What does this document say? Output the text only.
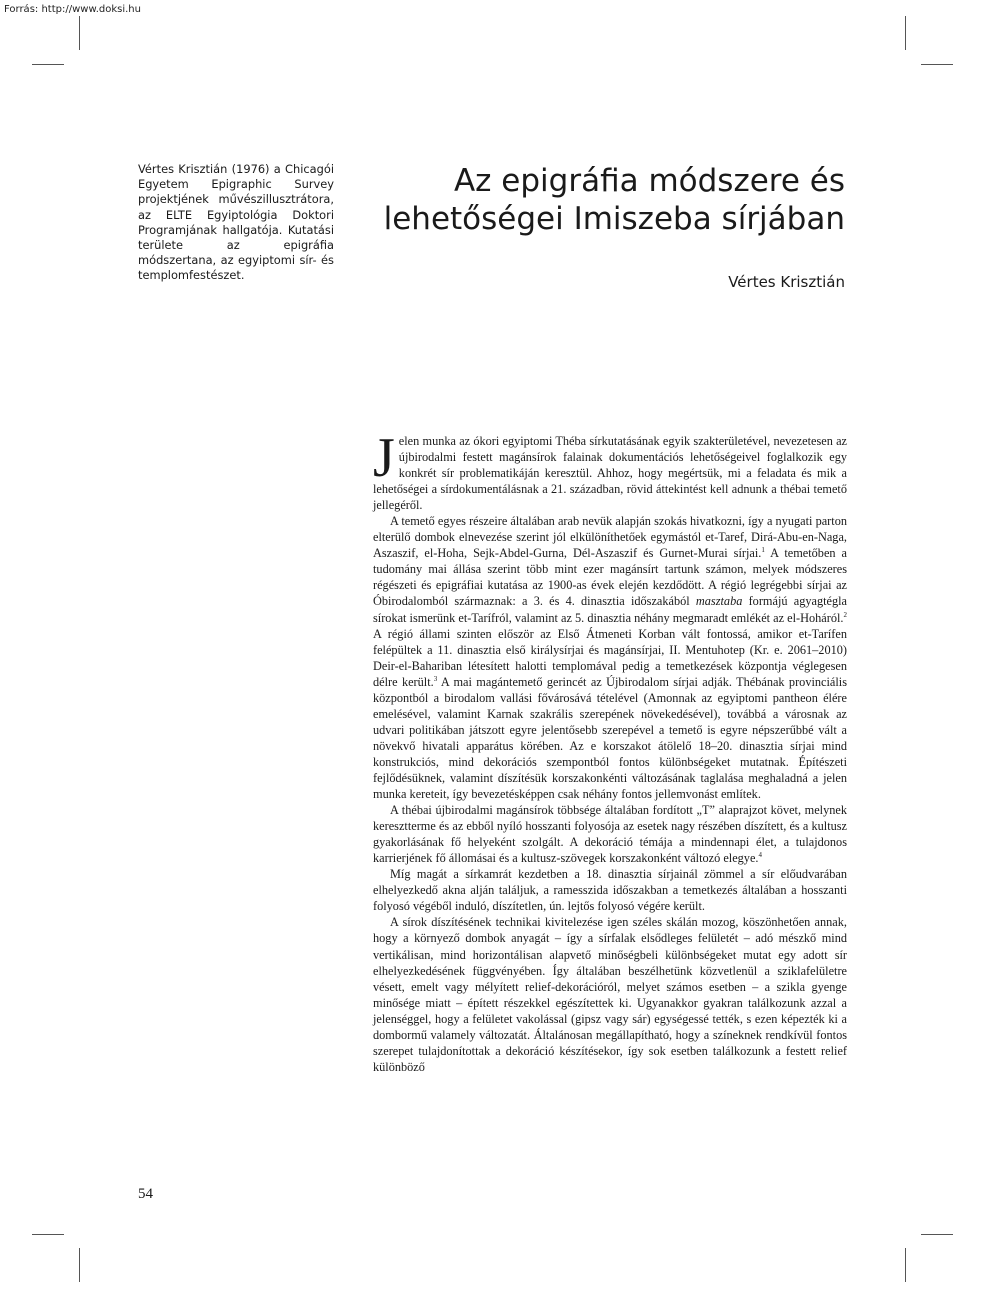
Forrás: http://www.doksi.hu

Vértes Krisztián (1976) a Chicagói Egyetem Epigraphic Survey projektjének művészillusztrátora, az ELTE Egyiptológia Doktori Programjának hallgatója. Kutatási területe az epigráfia módszertana, az egyiptomi sír- és templomfestészet.

Az epigráfia módszere és
lehetőségei Imiszeba sírjában
Vértes Krisztián

Jelen munka az ókori egyiptomi Théba sírkutatásának egyik szakterületével, nevezetesen az újbirodalmi festett magánsírok falainak dokumentációs lehetőségeivel foglalkozik egy konkrét sír problematikáján keresztül. Ahhoz, hogy megértsük, mi a feladata és mik a lehetőségei a sírdokumentálásnak a 21. században, rövid áttekintést kell adnunk a thébai temető jellegéről.

A temető egyes részeire általában arab nevük alapján szokás hivatkozni, így a nyugati parton elterülő dombok elnevezése szerint jól elkülöníthetőek egymástól et-Taref, Dirá-Abu-en-Naga, Aszaszif, el-Hoha, Sejk-Abdel-Gurna, Dél-Aszaszif és Gurnet-Murai sírjai.$^1$ A temetőben a tudomány mai állása szerint több mint ezer magánsírt tartunk számon, melyek módszeres régészeti és epigráfiai kutatása az 1900-as évek elején kezdődött. A régió legrégebbi sírjai az Óbirodalomból származnak: a 3. és 4. dinasztia időszakából masztaba formájú agyagtégla sírokat ismerünk et-Tarífról, valamint az 5. dinasztia néhány megmaradt emlékét az el-Hoháról.$^2$ A régió állami szinten először az Első Átmeneti Korban vált fontossá, amikor et-Tarífen felépültek a 11. dinasztia első királysírjai és magánsírjai, II. Mentuhotep (Kr. e. 2061–2010) Deir-el-Bahariban létesített halotti templomával pedig a temetkezések központja véglegesen délre került.$^3$ A mai magántemető gerincét az Újbirodalom sírjai adják. Thébának provinciális központból a birodalom vallási fővárosává tételével (Amonnak az egyiptomi pantheon élére emelésével, valamint Karnak szakrális szerepének növekedésével), továbbá a városnak az udvari politikában játszott egyre jelentősebb szerepével a temető is egyre népszerűbbé vált a növekvő hivatali apparátus körében. Az e korszakot átölelő 18–20. dinasztia sírjai mind konstrukciós, mind dekorációs szempontból fontos különbségeket mutatnak. Építészeti fejlődésüknek, valamint díszítésük korszakonkénti változásának taglalása meghaladná a jelen munka kereteit, így bevezetésképpen csak néhány fontos jellemvonást említek.

A thébai újbirodalmi magánsírok többsége általában fordított „T” alaprajzot követ, melynek keresztterme és az ebből nyíló hosszanti folyosója az esetek nagy részében díszített, és a kultusz gyakorlásának fő helyeként szolgált. A dekoráció témája a mindennapi élet, a tulajdonos karrierjének fő állomásai és a kultusz-szövegek korszakonként változó elegye.$^4$

Míg magát a sírkamrát kezdetben a 18. dinasztia sírjainál zömmel a sír előudvarában elhelyezkedő akna alján találjuk, a ramesszida időszakban a temetkezés általában a hosszanti folyosó végéből induló, díszítetlen, ún. lejtős folyosó végére került.

A sírok díszítésének technikai kivitelezése igen széles skálán mozog, köszönhetően annak, hogy a környező dombok anyagát – így a sírfalak elsődleges felületét – adó mészkő mind vertikálisan, mind horizontálisan alapvető minőségbeli különbségeket mutat egy adott sír elhelyezkedésének függvényében. Így általában beszélhetünk közvetlenül a sziklafelületre vésett, emelt vagy mélyített relief-dekorációról, melyet számos esetben – a szikla gyenge minősége miatt – épített részekkel egészítettek ki. Ugyanakkor gyakran találkozunk azzal a jelenséggel, hogy a felületet vakolással (gipsz vagy sár) egységessé tették, s ezen képezték ki a dombormű valamely változatát. Általánosan megállapítható, hogy a színeknek rendkívül fontos szerepet tulajdonítottak a dekoráció készítésekor, így sok esetben találkozunk a festett relief különböző

54
